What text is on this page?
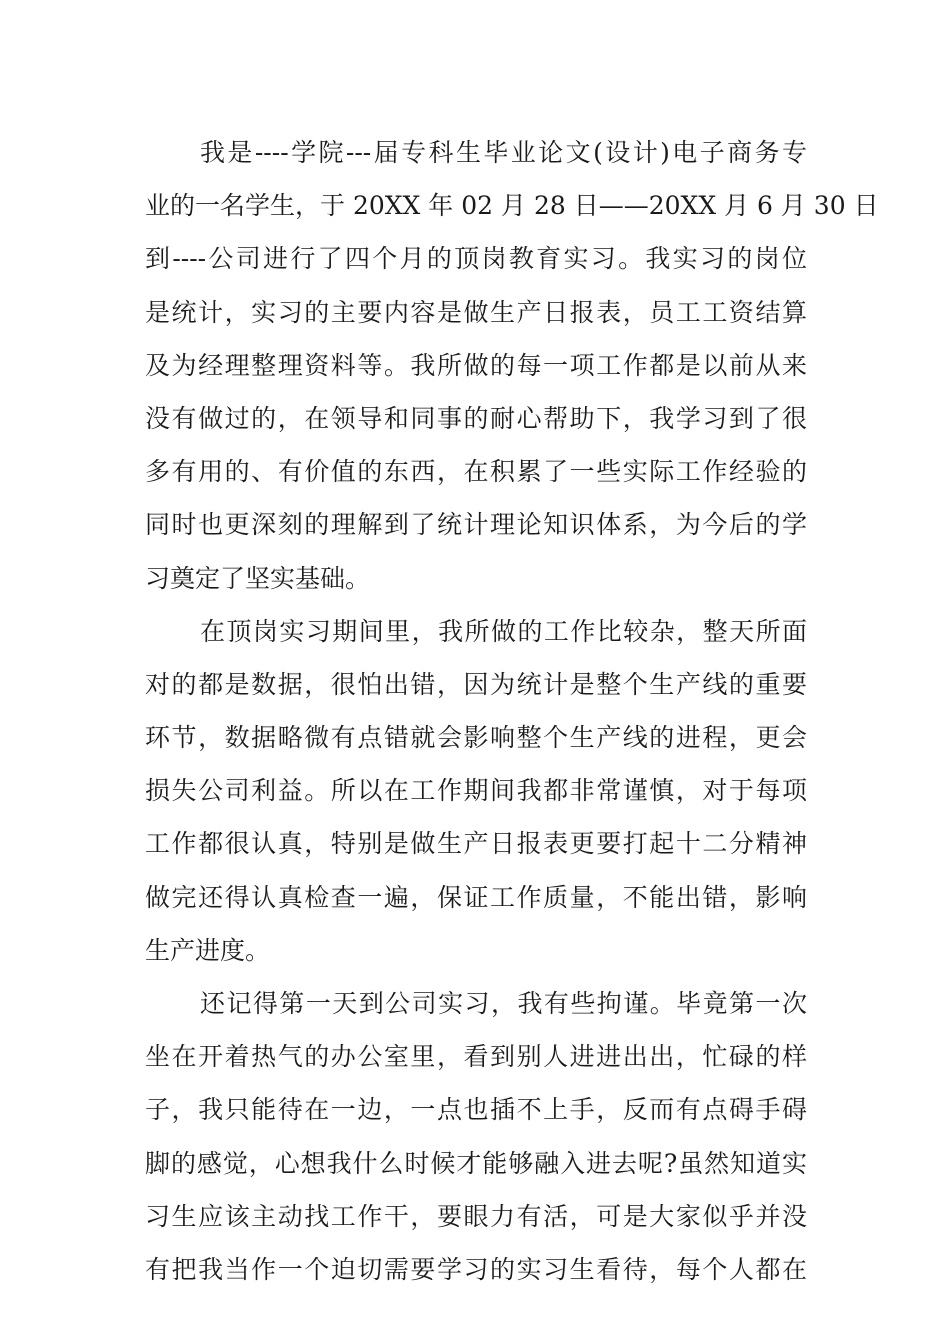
我是----学院---届专科生毕业论文(设计)电子商务专
业的一名学生，于 20XX 年 02 月 28 日——20XX 月 6 月 30 日
到----公司进行了四个月的顶岗教育实习。我实习的岗位
是统计，实习的主要内容是做生产日报表，员工工资结算
及为经理整理资料等。我所做的每一项工作都是以前从来
没有做过的，在领导和同事的耐心帮助下，我学习到了很
多有用的、有价值的东西，在积累了一些实际工作经验的
同时也更深刻的理解到了统计理论知识体系，为今后的学
习奠定了坚实基础。
在顶岗实习期间里，我所做的工作比较杂，整天所面
对的都是数据，很怕出错，因为统计是整个生产线的重要
环节，数据略微有点错就会影响整个生产线的进程，更会
损失公司利益。所以在工作期间我都非常谨慎，对于每项
工作都很认真，特别是做生产日报表更要打起十二分精神
做完还得认真检查一遍，保证工作质量，不能出错，影响
生产进度。
还记得第一天到公司实习，我有些拘谨。毕竟第一次
坐在开着热气的办公室里，看到别人进进出出，忙碌的样
子，我只能待在一边，一点也插不上手，反而有点碍手碍
脚的感觉，心想我什么时候才能够融入进去呢?虽然知道实
习生应该主动找工作干，要眼力有活，可是大家似乎并没
有把我当作一个迫切需要学习的实习生看待，每个人都在
